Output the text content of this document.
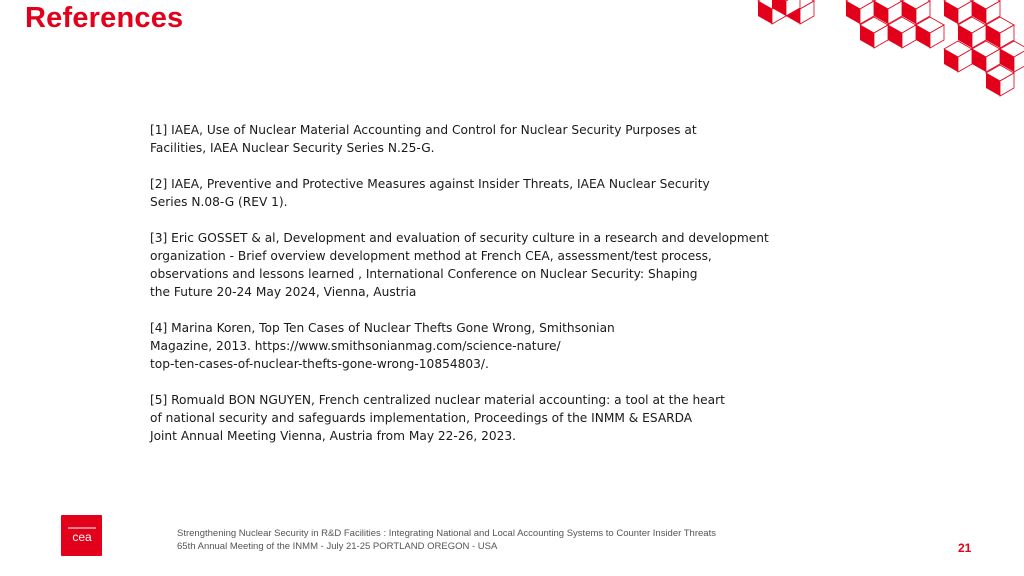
References

[1] IAEA, Use of Nuclear Material Accounting and Control for Nuclear Security Purposes at
Facilities, IAEA Nuclear Security Series N.25-G.

[2] IAEA, Preventive and Protective Measures against Insider Threats, IAEA Nuclear Security
Series N.08-G (REV 1).

[3] Eric GOSSET & al, Development and evaluation of security culture in a research and development
organization - Brief overview development method at French CEA, assessment/test process,
observations and lessons learned , International Conference on Nuclear Security: Shaping
the Future 20-24 May 2024, Vienna, Austria

[4] Marina Koren, Top Ten Cases of Nuclear Thefts Gone Wrong, Smithsonian
Magazine, 2013. https://www.smithsonianmag.com/science-nature/
top-ten-cases-of-nuclear-thefts-gone-wrong-10854803/.

[5] Romuald BON NGUYEN, French centralized nuclear material accounting: a tool at the heart
of national security and safeguards implementation, Proceedings of the INMM & ESARDA
Joint Annual Meeting Vienna, Austria from May 22-26, 2023.

cea	Strengthening Nuclear Security in R&D Facilities : Integrating National and Local Accounting Systems to Counter Insider Threats
65th Annual Meeting of the INMM - July 21-25 PORTLAND OREGON - USA	21
